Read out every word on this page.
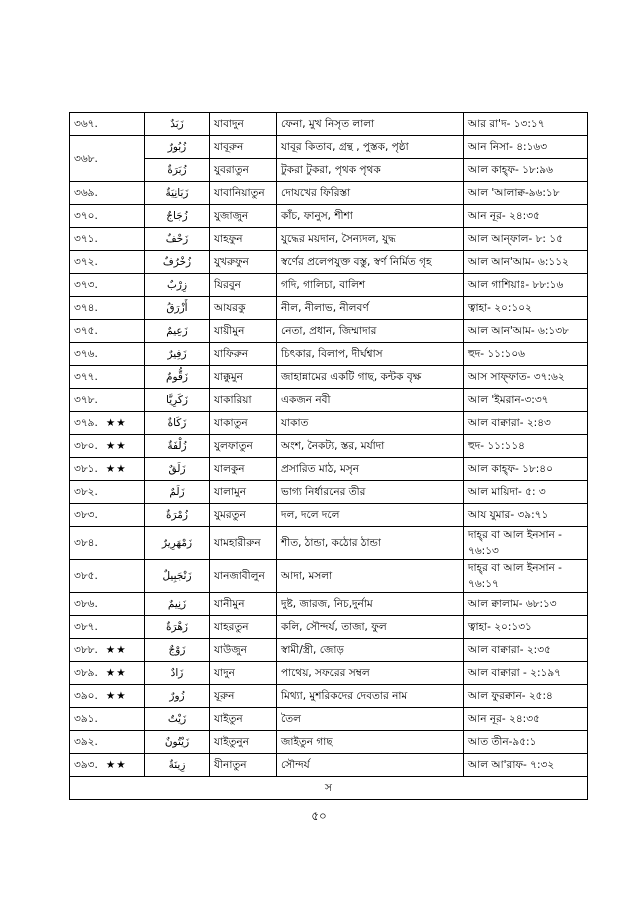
৩৬৭.	زَبَدٌ	যাবাদুন	ফেনা, মুখ নিসৃত লালা	আর রা'দ- ১৩:১৭
৩৬৮.	زُبُورٌ	যাবূরুন	যাবূর কিতাব, গ্রন্থ , পুস্তক, পৃষ্ঠা	আন নিসা- ৪:১৬৩
	زُبَرَةٌ	যুবরাতুন	টুকরা টুকরা, পৃথক পৃথক	আল কাহ্ফ- ১৮:৯৬
৩৬৯.	زَبَانِيَةٌ	যাবানিয়াতুন	দোযখের ফিরিস্তা	আল 'আলাক্ব-৯৬:১৮
৩৭০.	زُجَاجٌ	যুজাজুন	কাঁচ, ফানুস, শীশা	আন নূর- ২৪:৩৫
৩৭১.	زَحْفٌ	যাহফুন	যুদ্ধের ময়দান, সৈন্যদল, যুদ্ধ	আল আন্ফাল- ৮: ১৫
৩৭২.	زُخْرُفٌ	যুখরুফুন	স্বর্ণের প্রলেপযুক্ত বস্তু, স্বর্ণ নির্মিত গৃহ	আল আন'আম- ৬:১১২
৩৭৩.	زِرْبٌ	যিরবুন	গদি, গালিচা, বালিশ	আল গাশিয়াঃ- ৮৮:১৬
৩৭৪.	أَزْرَقُ	আযরকু	নীল, নীলাভ, নীলবর্ণ	ত্বাহা- ২০:১০২
৩৭৫.	زَعِيمٌ	যায়ীমুন	নেতা, প্রধান, জিম্মাদার	আল আন'আম- ৬:১৩৮
৩৭৬.	زَفِيرٌ	যাফিরুন	চিৎকার, বিলাপ, দীর্ঘশ্বাস	হুদ- ১১:১০৬
৩৭৭.	زَقُّومٌ	যাক্কুমুন	জাহান্নামের একটি গাছ, কন্টক বৃক্ষ	আস সাফ্ফাত- ৩৭:৬২
৩৭৮.	زَكَرِيَّا	যাকারিয়া	একজন নবী	আল 'ইমরান-৩:৩৭
৩৭৯. ★★	زَكَاةٌ	যাকাতুন	যাকাত	আল বাক্বারা- ২:৪৩
৩৮০. ★★	زُلْفَةٌ	যুলফাতুন	অংশ, নৈকট্য, স্তর, মর্যাদা	হুদ- ১১:১১৪
৩৮১. ★★	زَلَقٌ	যালকুন	প্রসারিত মাঠ, মসৃন	আল কাহ্ফ- ১৮:৪০
৩৮২.	زَلَمٌ	যালামুন	ভাগ্য নির্ধারনের তীর	আল মায়িদা- ৫: ৩
৩৮৩.	زُمْرَةٌ	যুমরতুন	দল, দলে দলে	আয যুমার- ৩৯:৭১
৩৮৪.	زَمْهَرِيرٌ	যামহারীরুন	শীত, ঠান্ডা, কঠোর ঠান্ডা	দাহ্‌র বা আল ইনসান - ৭৬:১৩
৩৮৫.	زَنْجَبِيلٌ	যানজাবীলুন	আদা, মসলা	দাহ্‌র বা আল ইনসান - ৭৬:১৭
৩৮৬.	زَنِيمٌ	যানীমুন	দুষ্ট, জারজ, নিচ,দুর্নাম	আল ক্বালাম- ৬৮:১৩
৩৮৭.	زَهْرَةٌ	যাহরতুন	কলি, সৌন্দর্য, তাজা, ফুল	ত্বাহা- ২০:১৩১
৩৮৮. ★★	زَوْجٌ	যাউজুন	স্বামী/স্ত্রী, জোড়	আল বাক্বারা- ২:৩৫
৩৮৯. ★★	زَادٌ	যাদুন	পাথেয়, সফরের সম্বল	আল বাক্বারা - ২:১৯৭
৩৯০. ★★	زُورٌ	যূরুন	মিথ্যা, মুশরিকদের দেবতার নাম	আল ফুরক্বান- ২৫:৪
৩৯১.	زَيْتٌ	যাইতুন	তৈল	আন নূর- ২৪:৩৫
৩৯২.	زَيْتُونٌ	যাইতুনুন	জাইতুন গাছ	আত তীন-৯৫:১
৩৯৩. ★★	زِينَةٌ	যীনাতুন	সৌন্দর্য	আল আ'রাফ- ৭:৩২
স				
৫০
